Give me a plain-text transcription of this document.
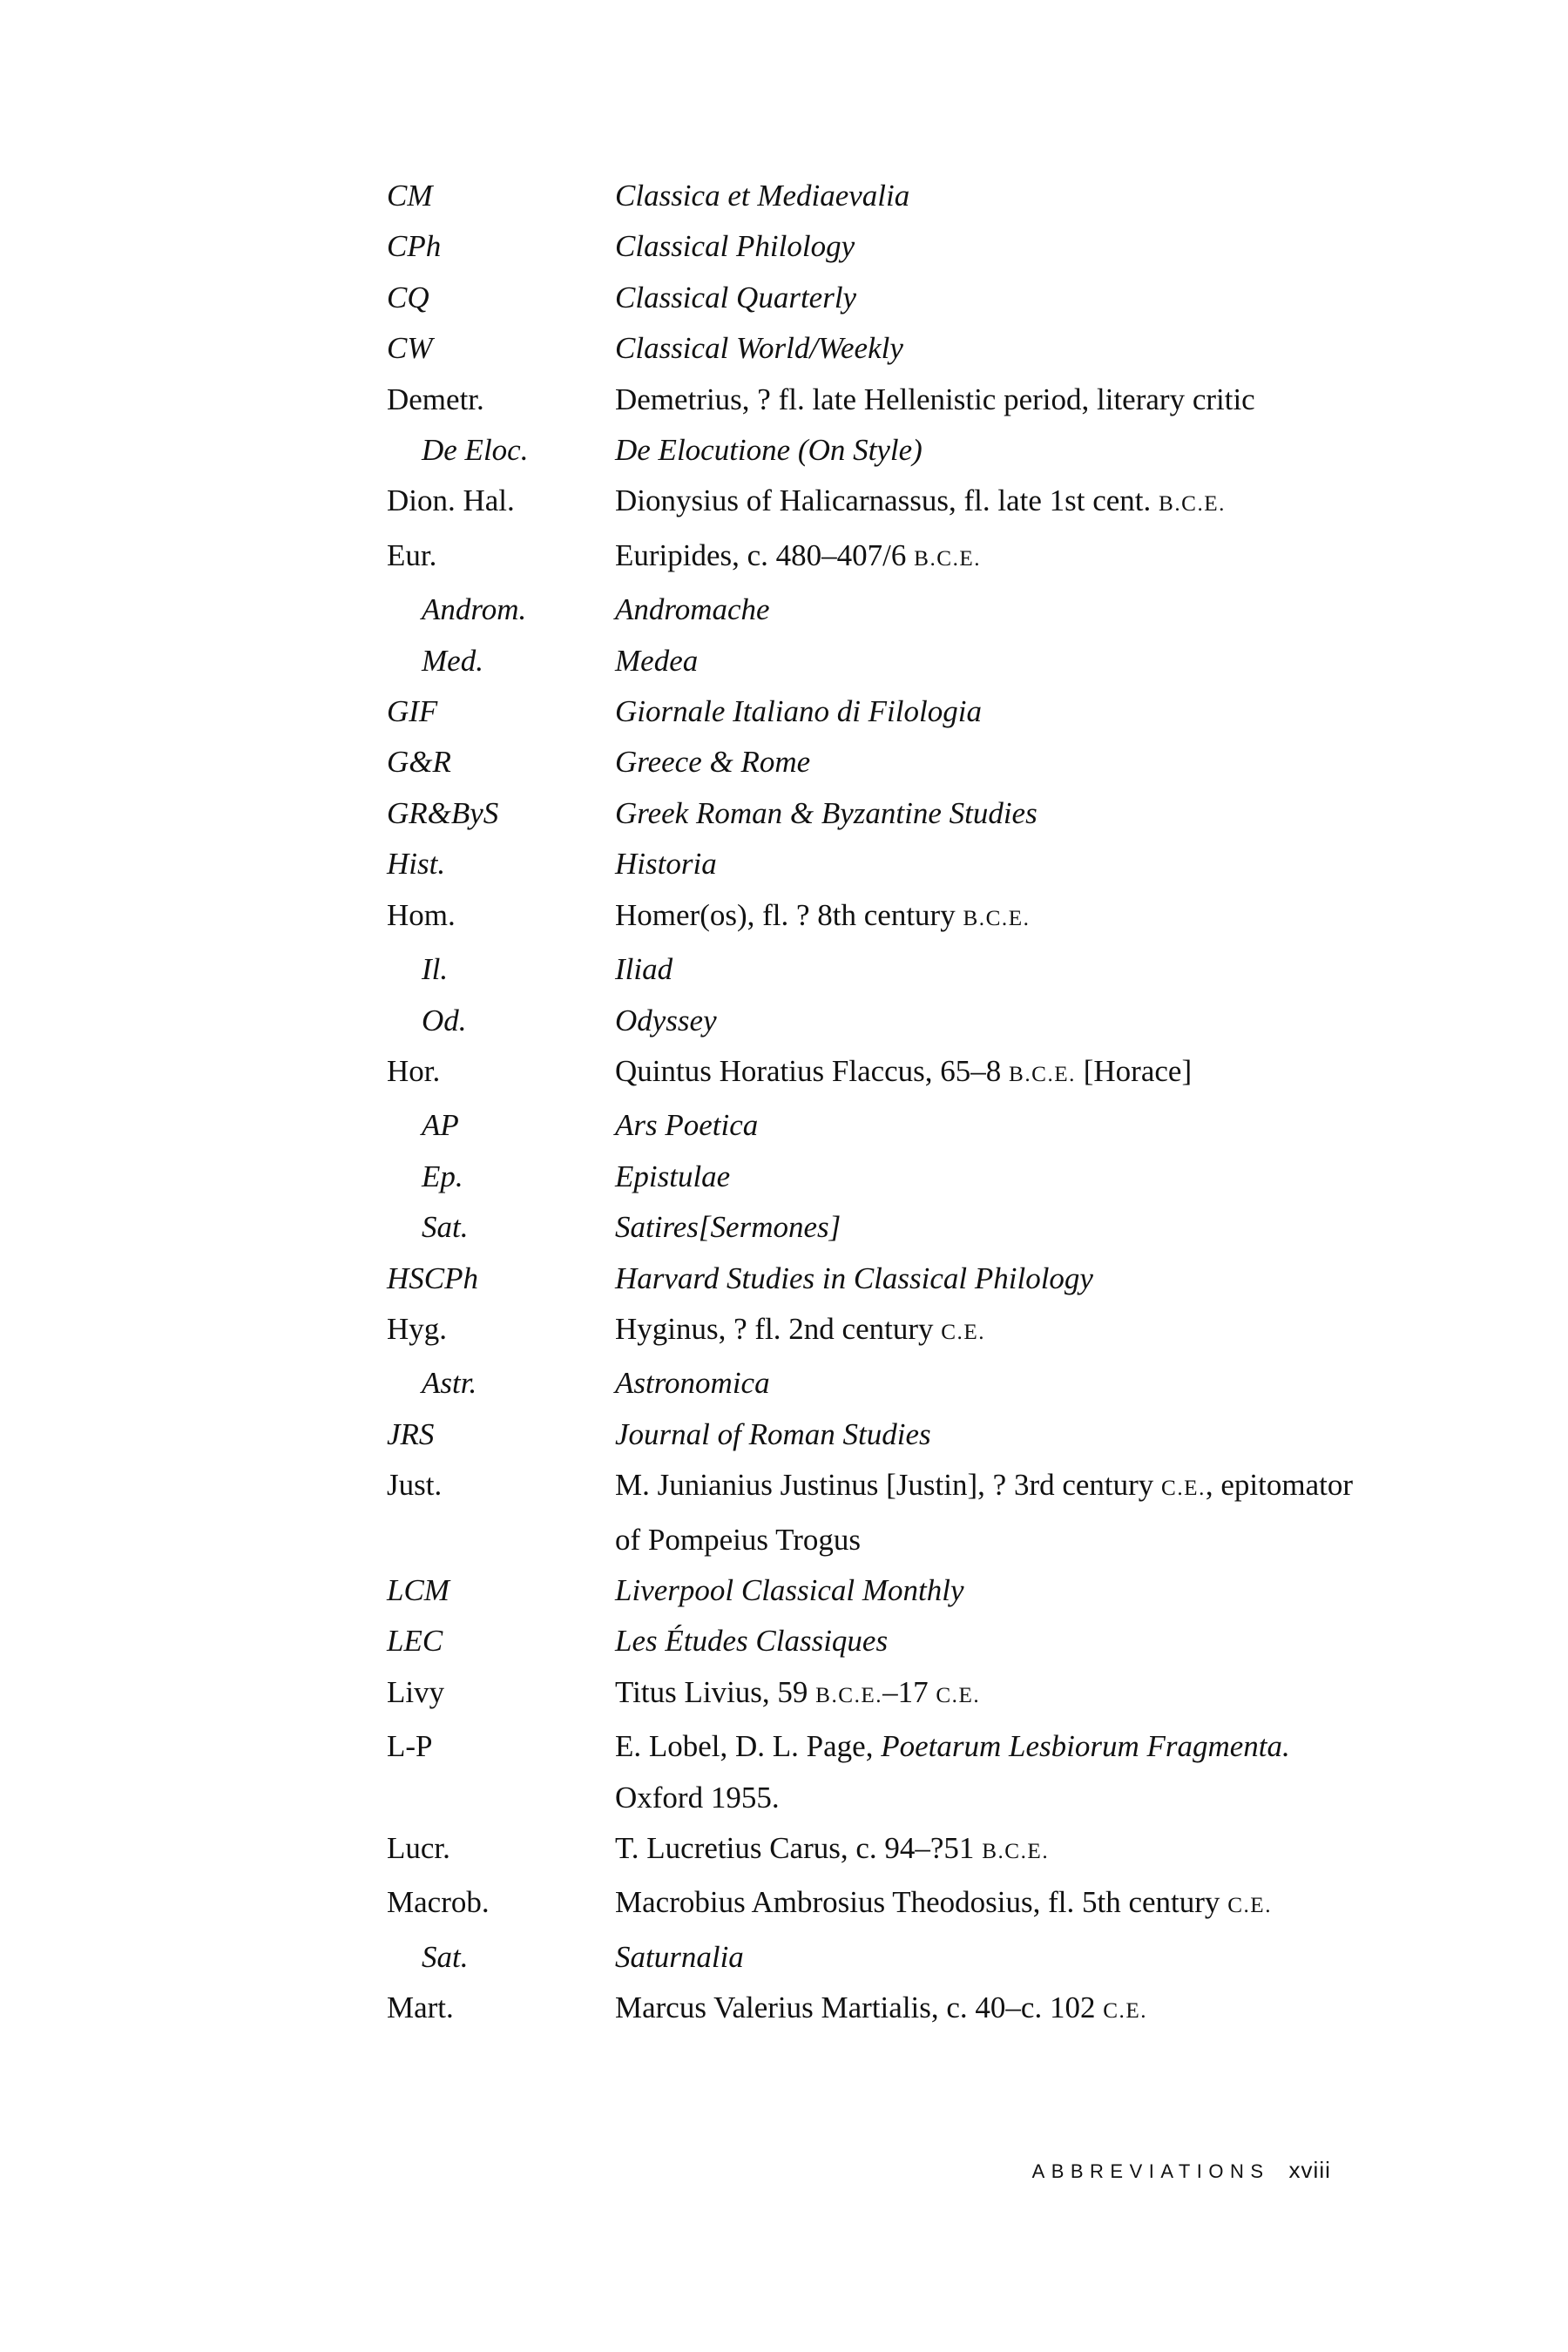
CM	Classica et Mediaevalia
CPh	Classical Philology
CQ	Classical Quarterly
CW	Classical World/Weekly
Demetr.	Demetrius, ? fl. late Hellenistic period, literary critic
De Eloc.	De Elocutione (On Style)
Dion. Hal.	Dionysius of Halicarnassus, fl. late 1st cent. B.C.E.
Eur.	Euripides, c. 480–407/6 B.C.E.
Androm.	Andromache
Med.	Medea
GIF	Giornale Italiano di Filologia
G&R	Greece & Rome
GR&ByS	Greek Roman & Byzantine Studies
Hist.	Historia
Hom.	Homer(os), fl. ? 8th century B.C.E.
Il.	Iliad
Od.	Odyssey
Hor.	Quintus Horatius Flaccus, 65–8 B.C.E. [Horace]
AP	Ars Poetica
Ep.	Epistulae
Sat.	Satires[Sermones]
HSCPh	Harvard Studies in Classical Philology
Hyg.	Hyginus, ? fl. 2nd century C.E.
Astr.	Astronomica
JRS	Journal of Roman Studies
Just.	M. Junianius Justinus [Justin], ? 3rd century C.E., epitomator of Pompeius Trogus
LCM	Liverpool Classical Monthly
LEC	Les Études Classiques
Livy	Titus Livius, 59 B.C.E.–17 C.E.
L-P	E. Lobel, D. L. Page, Poetarum Lesbiorum Fragmenta. Oxford 1955.
Lucr.	T. Lucretius Carus, c. 94–?51 B.C.E.
Macrob.	Macrobius Ambrosius Theodosius, fl. 5th century C.E.
Sat.	Saturnalia
Mart.	Marcus Valerius Martialis, c. 40–c. 102 C.E.
ABBREVIATIONS xviii
